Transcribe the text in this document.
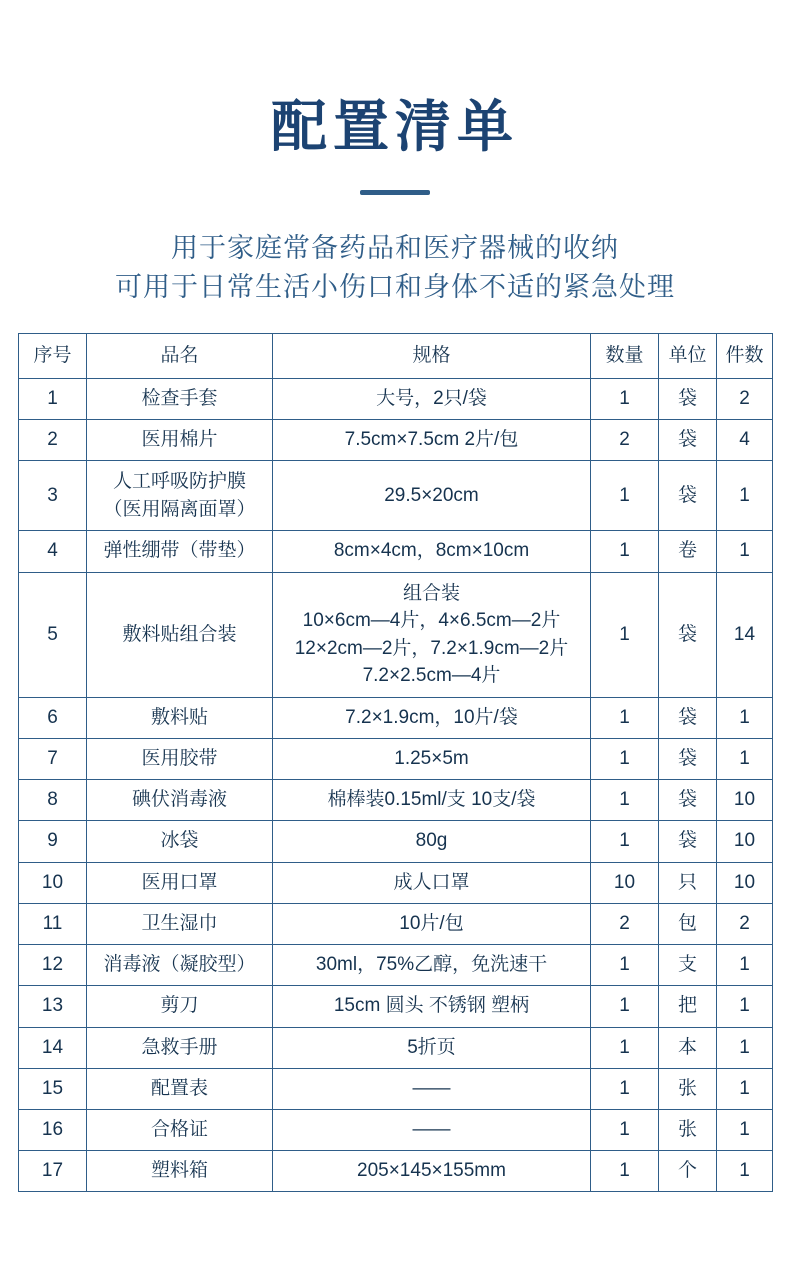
配置清单
用于家庭常备药品和医疗器械的收纳
可用于日常生活小伤口和身体不适的紧急处理
序号	品名	规格	数量	单位	件数
1	检查手套	大号，2只/袋	1	袋	2
2	医用棉片	7.5cm×7.5cm 2片/包	2	袋	4
3	人工呼吸防护膜
（医用隔离面罩）	29.5×20cm	1	袋	1
4	弹性绷带（带垫）	8cm×4cm，8cm×10cm	1	卷	1
5	敷料贴组合装	组合装
10×6cm—4片，4×6.5cm—2片
12×2cm—2片，7.2×1.9cm—2片
7.2×2.5cm—4片	1	袋	14
6	敷料贴	7.2×1.9cm，10片/袋	1	袋	1
7	医用胶带	1.25×5m	1	袋	1
8	碘伏消毒液	棉棒装0.15ml/支 10支/袋	1	袋	10
9	冰袋	80g	1	袋	10
10	医用口罩	成人口罩	10	只	10
11	卫生湿巾	10片/包	2	包	2
12	消毒液（凝胶型）	30ml，75%乙醇，免洗速干	1	支	1
13	剪刀	15cm 圆头 不锈钢 塑柄	1	把	1
14	急救手册	5折页	1	本	1
15	配置表	——	1	张	1
16	合格证	——	1	张	1
17	塑料箱	205×145×155mm	1	个	1
